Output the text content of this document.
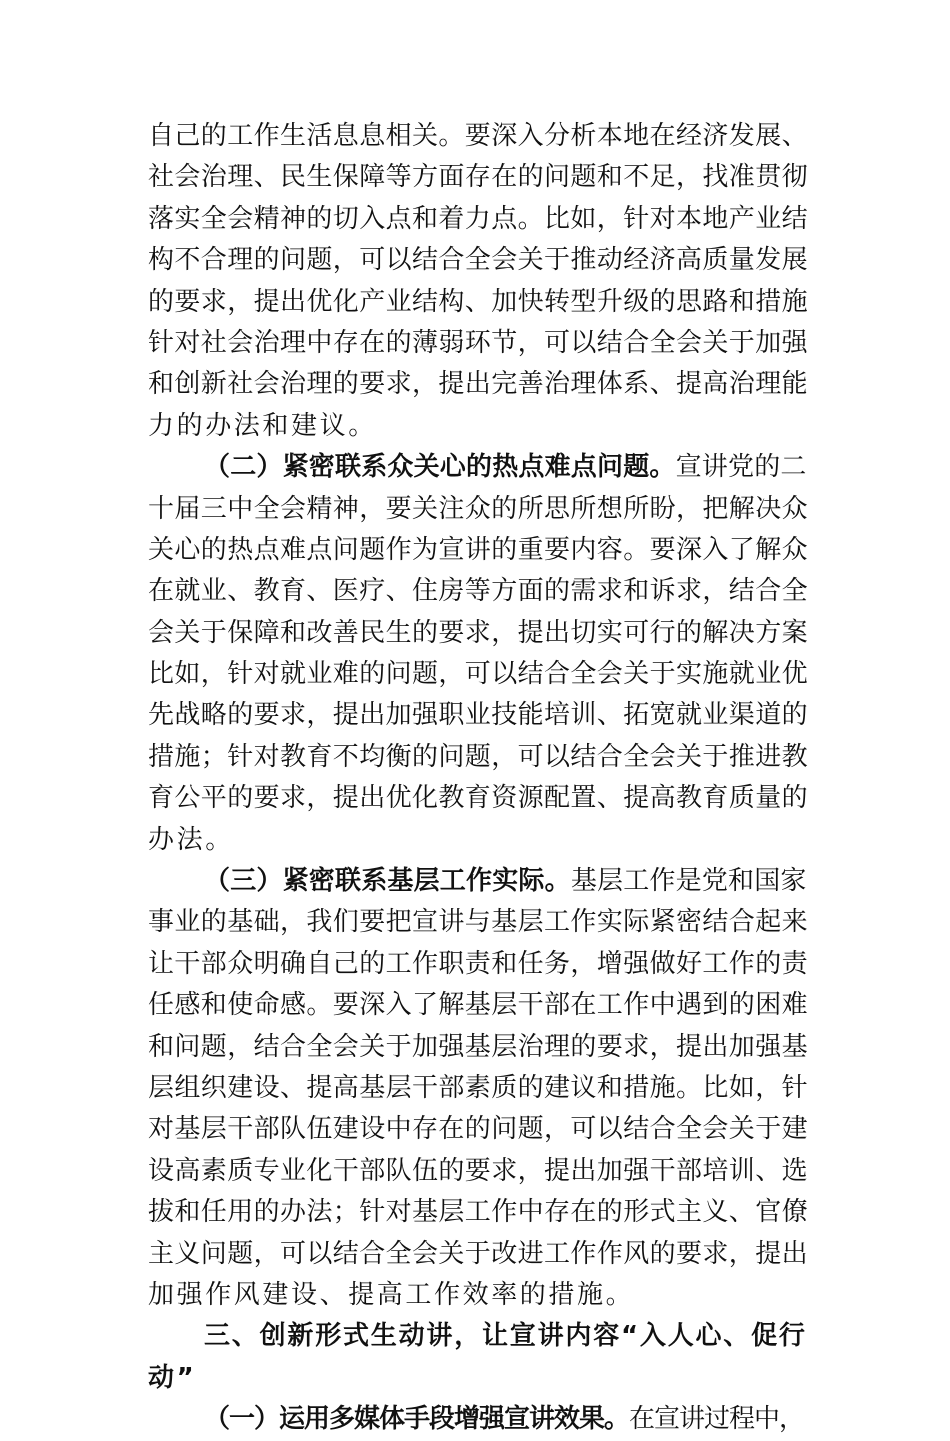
自己的工作生活息息相关。要深入分析本地在经济发展、
社会治理、民生保障等方面存在的问题和不足，找准贯彻
落实全会精神的切入点和着力点。比如，针对本地产业结
构不合理的问题，可以结合全会关于推动经济高质量发展
的要求，提出优化产业结构、加快转型升级的思路和措施
针对社会治理中存在的薄弱环节，可以结合全会关于加强
和创新社会治理的要求，提出完善治理体系、提高治理能
力的办法和建议。
（二）紧密联系众关心的热点难点问题。宣讲党的二
十届三中全会精神，要关注众的所思所想所盼，把解决众
关心的热点难点问题作为宣讲的重要内容。要深入了解众
在就业、教育、医疗、住房等方面的需求和诉求，结合全
会关于保障和改善民生的要求，提出切实可行的解决方案
比如，针对就业难的问题，可以结合全会关于实施就业优
先战略的要求，提出加强职业技能培训、拓宽就业渠道的
措施；针对教育不均衡的问题，可以结合全会关于推进教
育公平的要求，提出优化教育资源配置、提高教育质量的
办法。
（三）紧密联系基层工作实际。基层工作是党和国家
事业的基础，我们要把宣讲与基层工作实际紧密结合起来
让干部众明确自己的工作职责和任务，增强做好工作的责
任感和使命感。要深入了解基层干部在工作中遇到的困难
和问题，结合全会关于加强基层治理的要求，提出加强基
层组织建设、提高基层干部素质的建议和措施。比如，针
对基层干部队伍建设中存在的问题，可以结合全会关于建
设高素质专业化干部队伍的要求，提出加强干部培训、选
拔和任用的办法；针对基层工作中存在的形式主义、官僚
主义问题，可以结合全会关于改进工作作风的要求，提出
加强作风建设、提高工作效率的措施。
三、创新形式生动讲，让宣讲内容“入人心、促行
动”
（一）运用多媒体手段增强宣讲效果。在宣讲过程中，
